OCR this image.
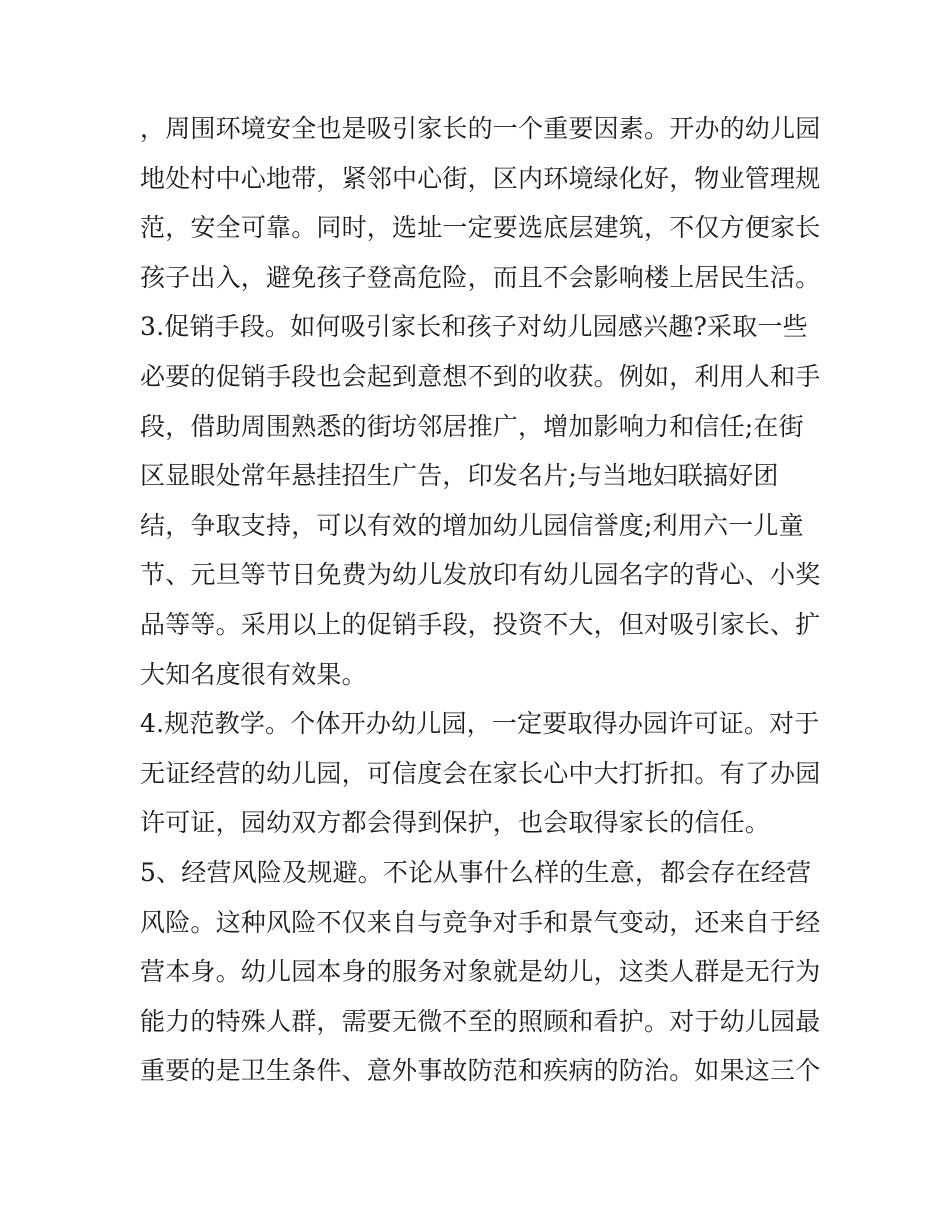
，周围环境安全也是吸引家长的一个重要因素。开办的幼儿园
地处村中心地带，紧邻中心街，区内环境绿化好，物业管理规
范，安全可靠。同时，选址一定要选底层建筑，不仅方便家长
孩子出入，避免孩子登高危险，而且不会影响楼上居民生活。
3.促销手段。如何吸引家长和孩子对幼儿园感兴趣?采取一些
必要的促销手段也会起到意想不到的收获。例如，利用人和手
段，借助周围熟悉的街坊邻居推广，增加影响力和信任;在街
区显眼处常年悬挂招生广告，印发名片;与当地妇联搞好团
结，争取支持，可以有效的增加幼儿园信誉度;利用六一儿童
节、元旦等节日免费为幼儿发放印有幼儿园名字的背心、小奖
品等等。采用以上的促销手段，投资不大，但对吸引家长、扩
大知名度很有效果。
4.规范教学。个体开办幼儿园，一定要取得办园许可证。对于
无证经营的幼儿园，可信度会在家长心中大打折扣。有了办园
许可证，园幼双方都会得到保护，也会取得家长的信任。
5、经营风险及规避。不论从事什么样的生意，都会存在经营
风险。这种风险不仅来自与竞争对手和景气变动，还来自于经
营本身。幼儿园本身的服务对象就是幼儿，这类人群是无行为
能力的特殊人群，需要无微不至的照顾和看护。对于幼儿园最
重要的是卫生条件、意外事故防范和疾病的防治。如果这三个
